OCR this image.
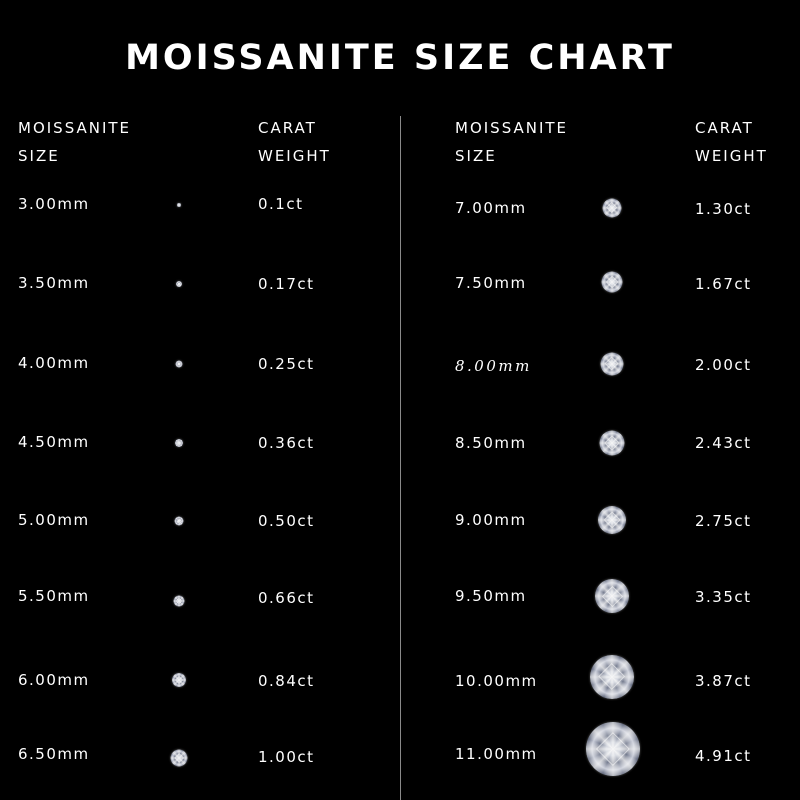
MOISSANITE SIZE CHART
MOISSANITE
SIZE
CARAT
WEIGHT
MOISSANITE
SIZE
CARAT
WEIGHT
3.00mm	0.1ct
3.50mm	0.17ct
4.00mm	0.25ct
4.50mm	0.36ct
5.00mm	0.50ct
5.50mm	0.66ct
6.00mm	0.84ct
6.50mm	1.00ct
7.00mm	1.30ct
7.50mm	1.67ct
8.00mm	2.00ct
8.50mm	2.43ct
9.00mm	2.75ct
9.50mm	3.35ct
10.00mm	3.87ct
11.00mm	4.91ct
